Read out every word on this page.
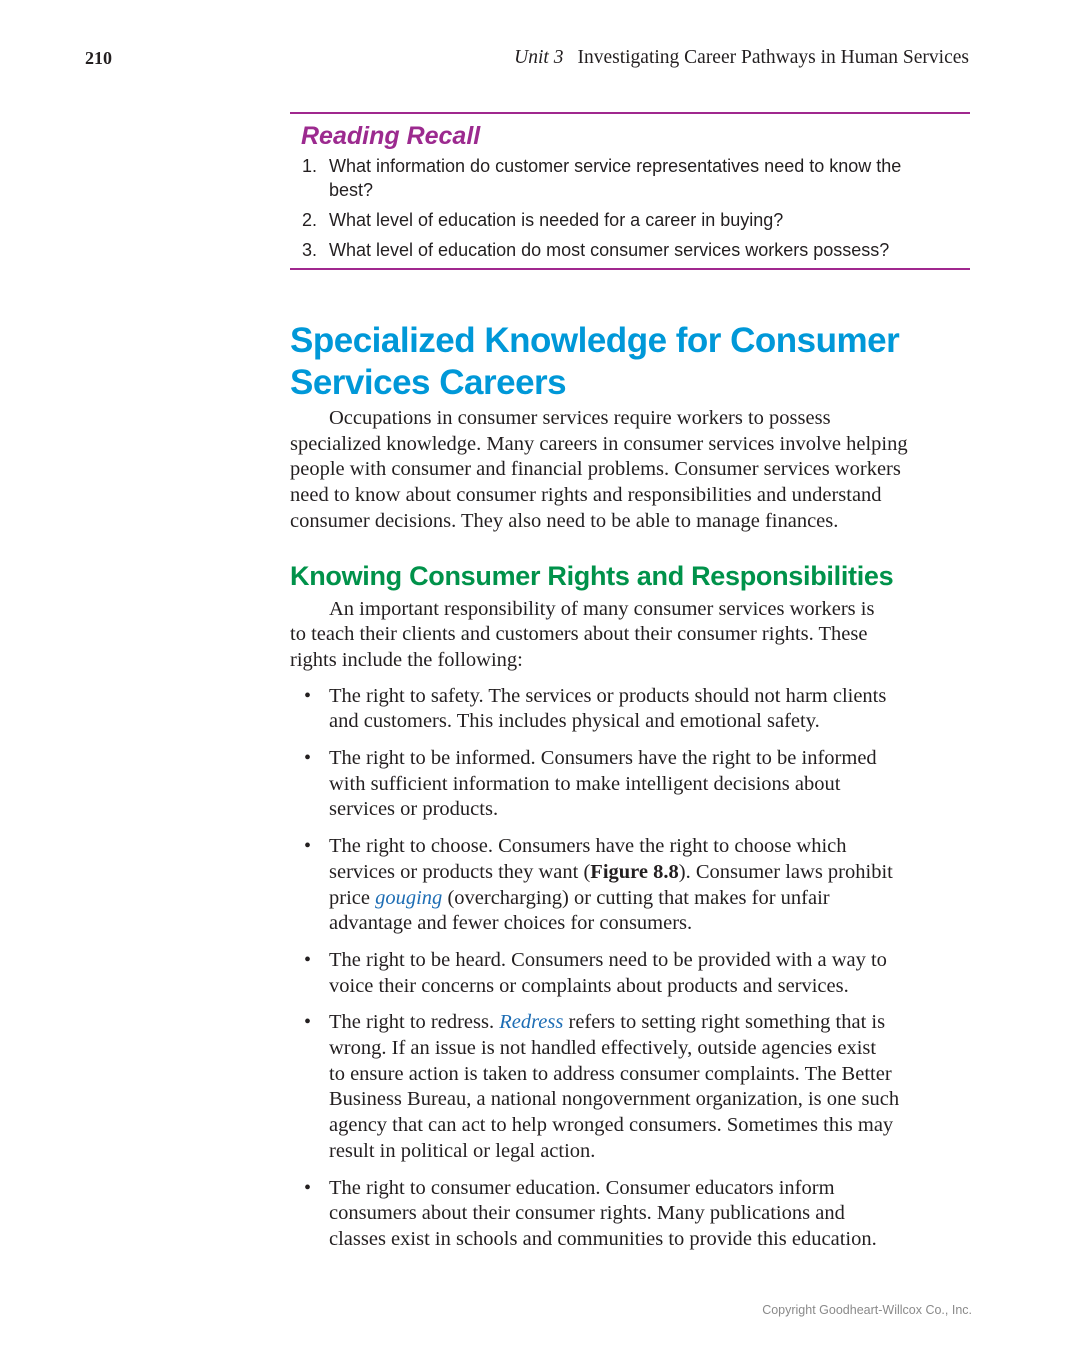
210	Unit 3 Investigating Career Pathways in Human Services
Reading Recall
1. What information do customer service representatives need to know the
best?
2. What level of education is needed for a career in buying?
3. What level of education do most consumer services workers possess?
Specialized Knowledge for Consumer
Services Careers
Occupations in consumer services require workers to possess
specialized knowledge. Many careers in consumer services involve helping
people with consumer and financial problems. Consumer services workers
need to know about consumer rights and responsibilities and understand
consumer decisions. They also need to be able to manage finances.
Knowing Consumer Rights and Responsibilities
An important responsibility of many consumer services workers is
to teach their clients and customers about their consumer rights. These
rights include the following:
• The right to safety. The services or products should not harm clients
and customers. This includes physical and emotional safety.
• The right to be informed. Consumers have the right to be informed
with sufficient information to make intelligent decisions about
services or products.
• The right to choose. Consumers have the right to choose which
services or products they want (Figure 8.8). Consumer laws prohibit
price gouging (overcharging) or cutting that makes for unfair
advantage and fewer choices for consumers.
• The right to be heard. Consumers need to be provided with a way to
voice their concerns or complaints about products and services.
• The right to redress. Redress refers to setting right something that is
wrong. If an issue is not handled effectively, outside agencies exist
to ensure action is taken to address consumer complaints. The Better
Business Bureau, a national nongovernment organization, is one such
agency that can act to help wronged consumers. Sometimes this may
result in political or legal action.
• The right to consumer education. Consumer educators inform
consumers about their consumer rights. Many publications and
classes exist in schools and communities to provide this education.
Copyright Goodheart-Willcox Co., Inc.
